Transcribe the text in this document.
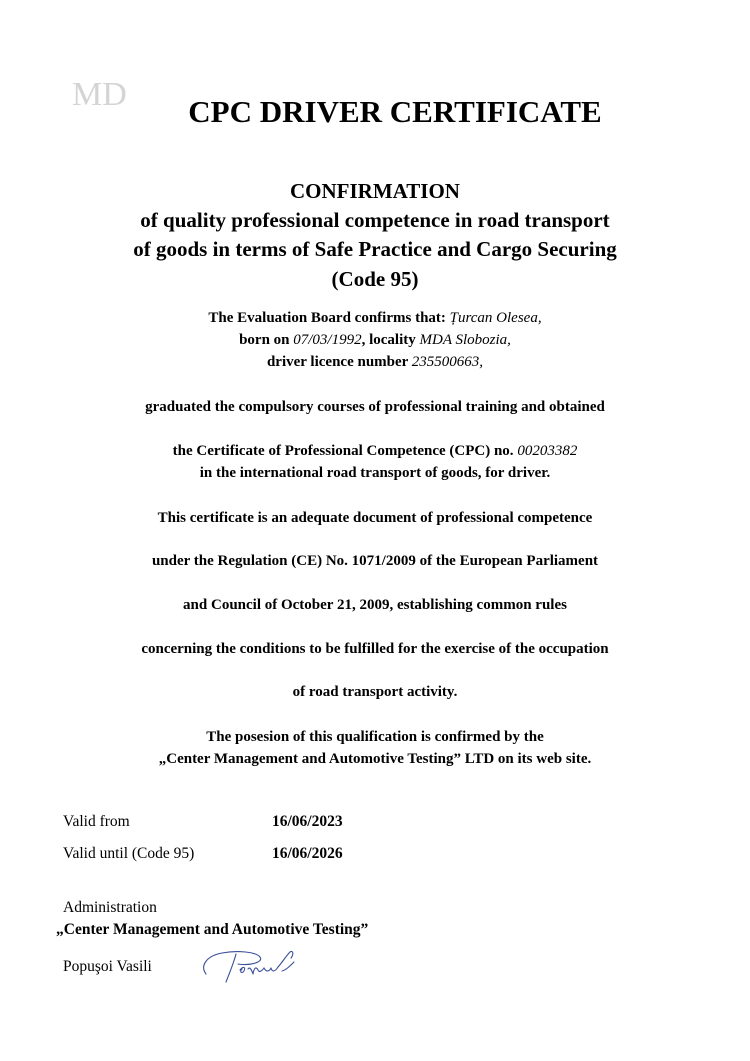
MD	CPC DRIVER CERTIFICATE
CONFIRMATION
of quality professional competence in road transport
of goods in terms of Safe Practice and Cargo Securing
(Code 95)
The Evaluation Board confirms that: Țurcan Olesea,
born on 07/03/1992, locality MDA Slobozia,
driver licence number 235500663,
graduated the compulsory courses of professional training and obtained
the Certificate of Professional Competence (CPC) no. 00203382
in the international road transport of goods, for driver.
This certificate is an adequate document of professional competence
under the Regulation (CE) No. 1071/2009 of the European Parliament
and Council of October 21, 2009, establishing common rules
concerning the conditions to be fulfilled for the exercise of the occupation
of road transport activity.
The posesion of this qualification is confirmed by the
„Center Management and Automotive Testing” LTD on its web site.
Valid from	16/06/2023
Valid until (Code 95)	16/06/2026
Administration
„Center Management and Automotive Testing”
Popuşoi Vasili
